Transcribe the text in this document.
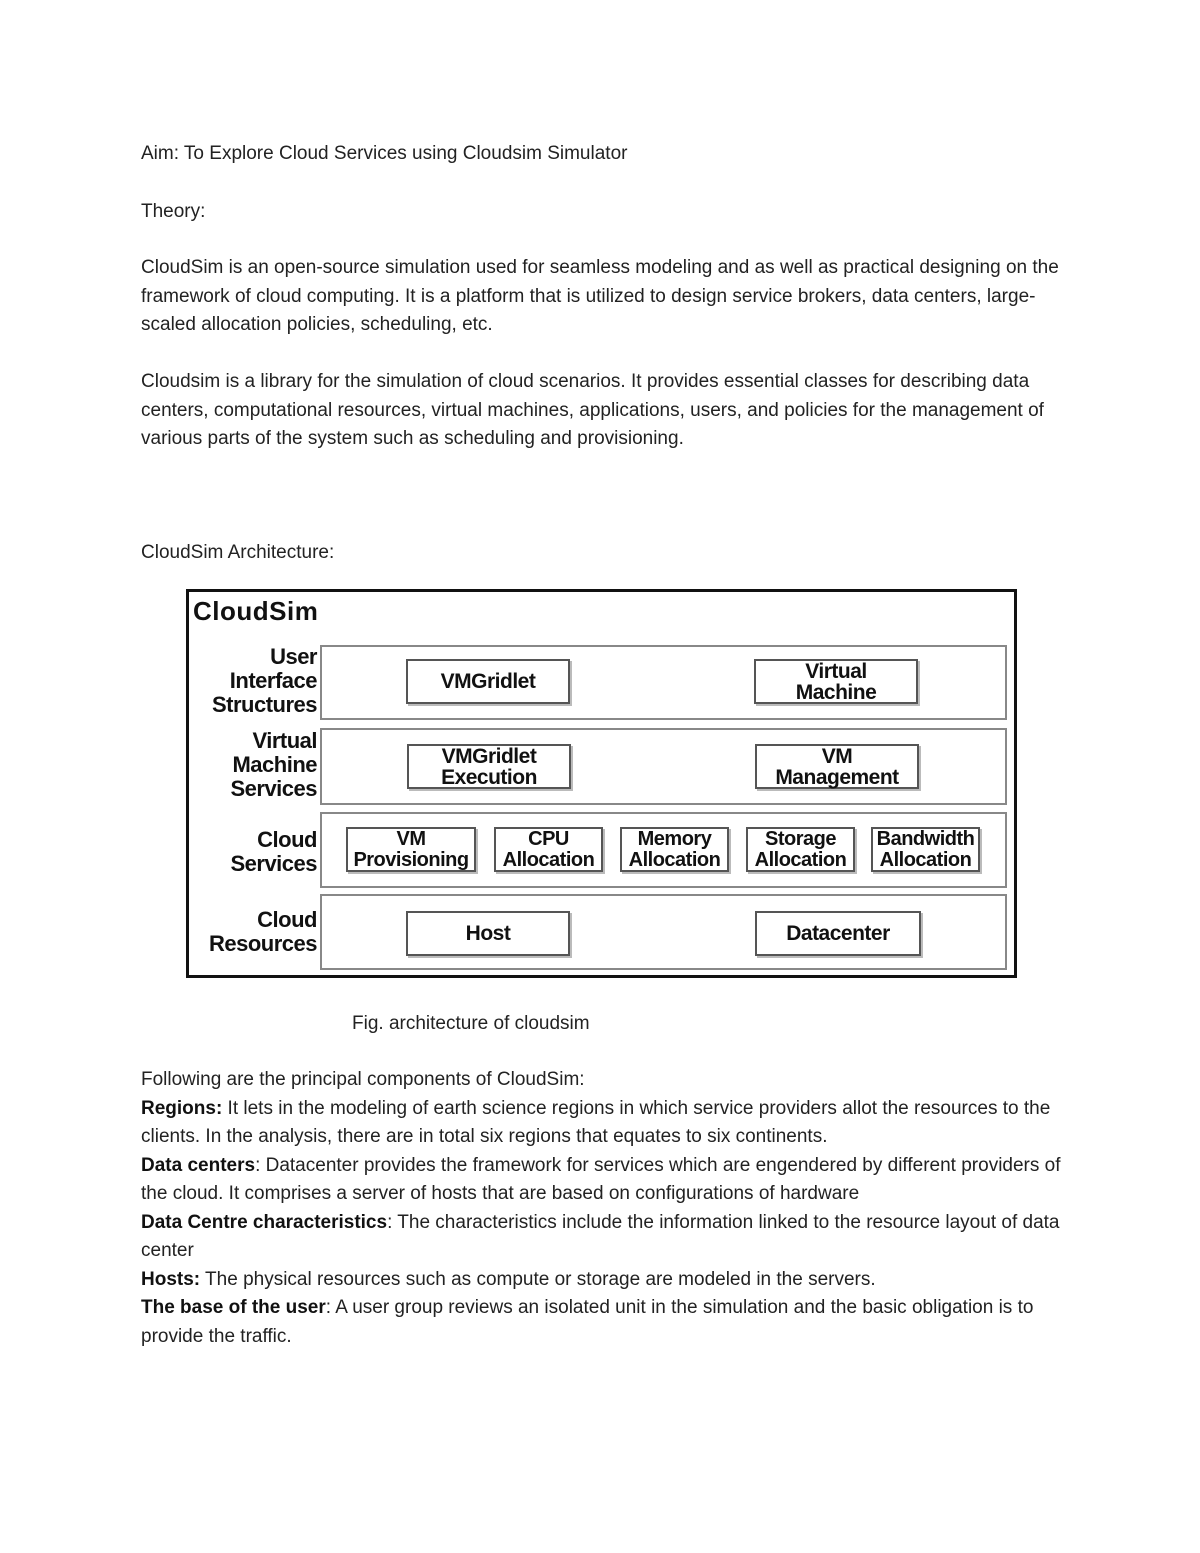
Aim: To Explore Cloud Services using Cloudsim Simulator
Theory:
CloudSim is an open-source simulation used for seamless modeling and as well as practical designing on the framework of cloud computing. It is a platform that is utilized to design service brokers, data centers, large-scaled allocation policies, scheduling, etc.
Cloudsim is a library for the simulation of cloud scenarios. It provides essential classes for describing data centers, computational resources, virtual machines, applications, users, and policies for the management of various parts of the system such as scheduling and provisioning.
CloudSim Architecture:
CloudSim
User
Interface
Structures
VMGridlet	Virtual
Machine
Virtual
Machine
Services
VMGridlet
Execution
VM
Management
Cloud
Services
VM
Provisioning
CPU
Allocation
Memory
Allocation
Storage
Allocation
Bandwidth
Allocation
Cloud
Resources	Host	Datacenter
Fig. architecture of cloudsim

Following are the principal components of CloudSim:

Regions: It lets in the modeling of earth science regions in which service providers allot the resources to the clients. In the analysis, there are in total six regions that equates to six continents.

Data centers: Datacenter provides the framework for services which are engendered by different providers of the cloud. It comprises a server of hosts that are based on configurations of hardware

Data Centre characteristics: The characteristics include the information linked to the resource layout of data center

Hosts: The physical resources such as compute or storage are modeled in the servers.

The base of the user: A user group reviews an isolated unit in the simulation and the basic obligation is to provide the traffic.
